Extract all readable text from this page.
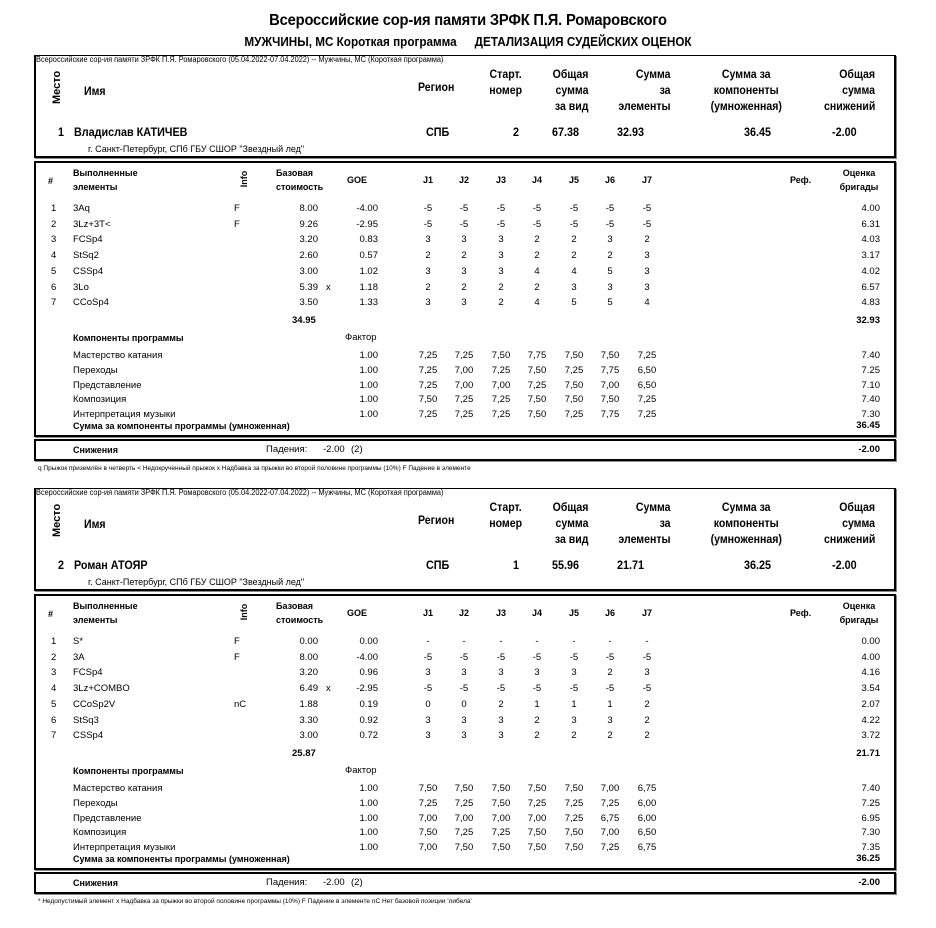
Всероссийские сор-ия памяти ЗРФК П.Я. Ромаровского
МУЖЧИНЫ, МС Короткая программа ДЕТАЛИЗАЦИЯ СУДЕЙСКИХ ОЦЕНОК
Всероссийские сор-ия памяти ЗРФК П.Я. Ромаровского (05.04.2022-07.04.2022) -- Мужчины, МС (Короткая программа)
Место Имя	Регион
Старт.
номер
Общая
сумма
за вид
Сумма
за
элементы
Сумма за
компоненты
(умноженная)
Общая
сумма
снижений
1 Владислав КАТИЧЕВ	СПБ	2	67.38	32.93	36.45	-2.00
г. Санкт-Петербург, СПб ГБУ СШОР "Звездный лед"
#
Выполненные
элементы	Info	Базовая
стоимость
GOE	J1	J2	J3	J4	J5	J6	J7	Реф.
Оценка
бригады
1 3Aq	F	8.00	-4.00	-5	-5	-5	-5	-5	-5	-5	4.00
2 3Lz+3T<	F	9.26	-2.95	-5	-5	-5	-5	-5	-5	-5	6.31
3 FCSp4	3.20	0.83	3	3	3	2	2	3	2	4.03
4 StSq2	2.60	0.57	2	2	3	2	2	2	3	3.17
5 CSSp4	3.00	1.02	3	3	3	4	4	5	3	4.02
6 3Lo	5.39 x	1.18	2	2	2	2	3	3	3	6.57
7 CCoSp4	3.50	1.33	3	3	2	4	5	5	4	4.83
34.95	32.93
Компоненты программы	Фактор
Мастерство катания	1.00	7,25	7,25	7,50	7,75	7,50	7,50	7,25	7.40
Переходы	1.00	7,25	7,00	7,25	7,50	7,25	7,75	6,50	7.25
Представление	1.00	7,25	7,00	7,00	7,25	7,50	7,00	6,50	7.10
Композиция	1.00	7,50	7,25	7,25	7,50	7,50	7,50	7,25	7.40
Интерпретация музыки	1.00	7,25	7,25	7,25	7,50	7,25	7,75	7,25	7.30
Сумма за компоненты программы (умноженная)	36.45
Снижения	Падения: -2.00 (2)	-2.00
q Прыжок приземлён в четверть < Недокрученный прыжок x Надбавка за прыжки во второй половине программы (10%) F Падение в элементе
Всероссийские сор-ия памяти ЗРФК П.Я. Ромаровского (05.04.2022-07.04.2022) -- Мужчины, МС (Короткая программа)
Место Имя	Регион
Старт.
номер
Общая
сумма
за вид
Сумма
за
элементы
Сумма за
компоненты
(умноженная)
Общая
сумма
снижений
2 Роман АТОЯР	СПБ	1	55.96	21.71	36.25	-2.00
г. Санкт-Петербург, СПб ГБУ СШОР "Звездный лед"
#
Выполненные
элементы	Info	Базовая
стоимость
GOE	J1	J2	J3	J4	J5	J6	J7	Реф.
Оценка
бригады
1 S*	F	0.00	0.00	-	-	-	-	-	-	-	0.00
2 3A	F	8.00	-4.00	-5	-5	-5	-5	-5	-5	-5	4.00
3 FCSp4	3.20	0.96	3	3	3	3	3	2	3	4.16
4 3Lz+COMBO	6.49 x	-2.95	-5	-5	-5	-5	-5	-5	-5	3.54
5 CCoSp2V	nC	1.88	0.19	0	0	2	1	1	1	2	2.07
6 StSq3	3.30	0.92	3	3	3	2	3	3	2	4.22
7 CSSp4	3.00	0.72	3	3	3	2	2	2	2	3.72
25.87	21.71
Компоненты программы	Фактор
Мастерство катания	1.00	7,50	7,50	7,50	7,50	7,50	7,00	6,75	7.40
Переходы	1.00	7,25	7,25	7,50	7,25	7,25	7,25	6,00	7.25
Представление	1.00	7,00	7,00	7,00	7,00	7,25	6,75	6,00	6.95
Композиция	1.00	7,50	7,25	7,25	7,50	7,50	7,00	6,50	7.30
Интерпретация музыки	1.00	7,00	7,50	7,50	7,50	7,50	7,25	6,75	7.35
Сумма за компоненты программы (умноженная)	36.25
Снижения	Падения: -2.00 (2)	-2.00
* Недопустимый элемент x Надбавка за прыжки во второй половине программы (10%) F Падение в элементе nC Нет базовой позиции 'либела'
